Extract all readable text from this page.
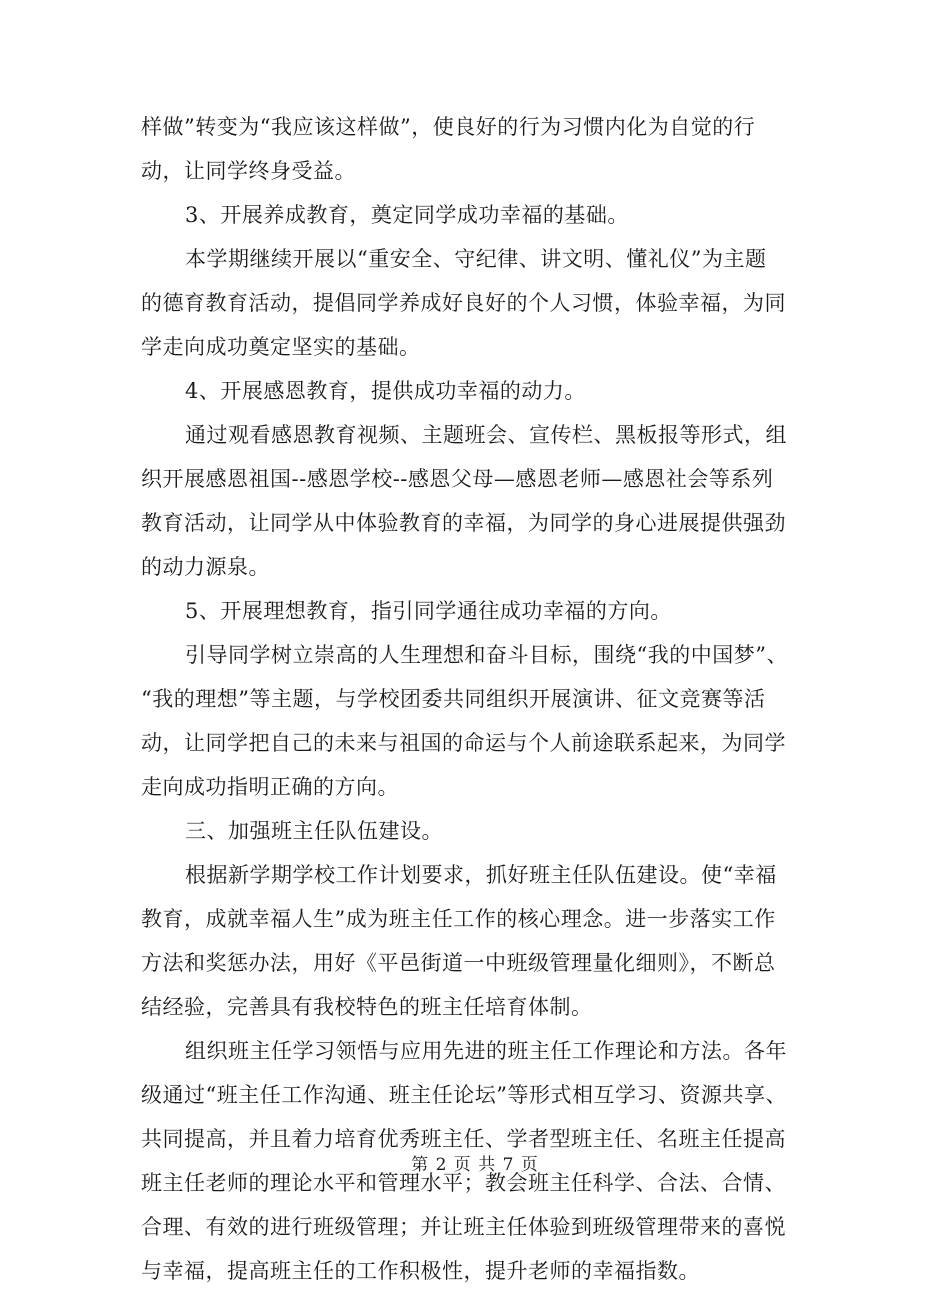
样做”转变为“我应该这样做”，使良好的行为习惯内化为自觉的行
动，让同学终身受益。
3、开展养成教育，奠定同学成功幸福的基础。
本学期继续开展以“重安全、守纪律、讲文明、懂礼仪”为主题
的德育教育活动，提倡同学养成好良好的个人习惯，体验幸福，为同
学走向成功奠定坚实的基础。
4、开展感恩教育，提供成功幸福的动力。
通过观看感恩教育视频、主题班会、宣传栏、黑板报等形式，组
织开展感恩祖国--感恩学校--感恩父母—感恩老师—感恩社会等系列
教育活动，让同学从中体验教育的幸福，为同学的身心进展提供强劲
的动力源泉。
5、开展理想教育，指引同学通往成功幸福的方向。
引导同学树立崇高的人生理想和奋斗目标，围绕“我的中国梦”、
“我的理想”等主题，与学校团委共同组织开展演讲、征文竞赛等活
动，让同学把自己的未来与祖国的命运与个人前途联系起来，为同学
走向成功指明正确的方向。
三、加强班主任队伍建设。
根据新学期学校工作计划要求，抓好班主任队伍建设。使“幸福
教育，成就幸福人生”成为班主任工作的核心理念。进一步落实工作
方法和奖惩办法，用好《平邑街道一中班级管理量化细则》，不断总
结经验，完善具有我校特色的班主任培育体制。
组织班主任学习领悟与应用先进的班主任工作理论和方法。各年
级通过“班主任工作沟通、班主任论坛”等形式相互学习、资源共享、
共同提高，并且着力培育优秀班主任、学者型班主任、名班主任提高
班主任老师的理论水平和管理水平；教会班主任科学、合法、合情、
合理、有效的进行班级管理；并让班主任体验到班级管理带来的喜悦
与幸福，提高班主任的工作积极性，提升老师的幸福指数。
第 2 页 共 7 页
